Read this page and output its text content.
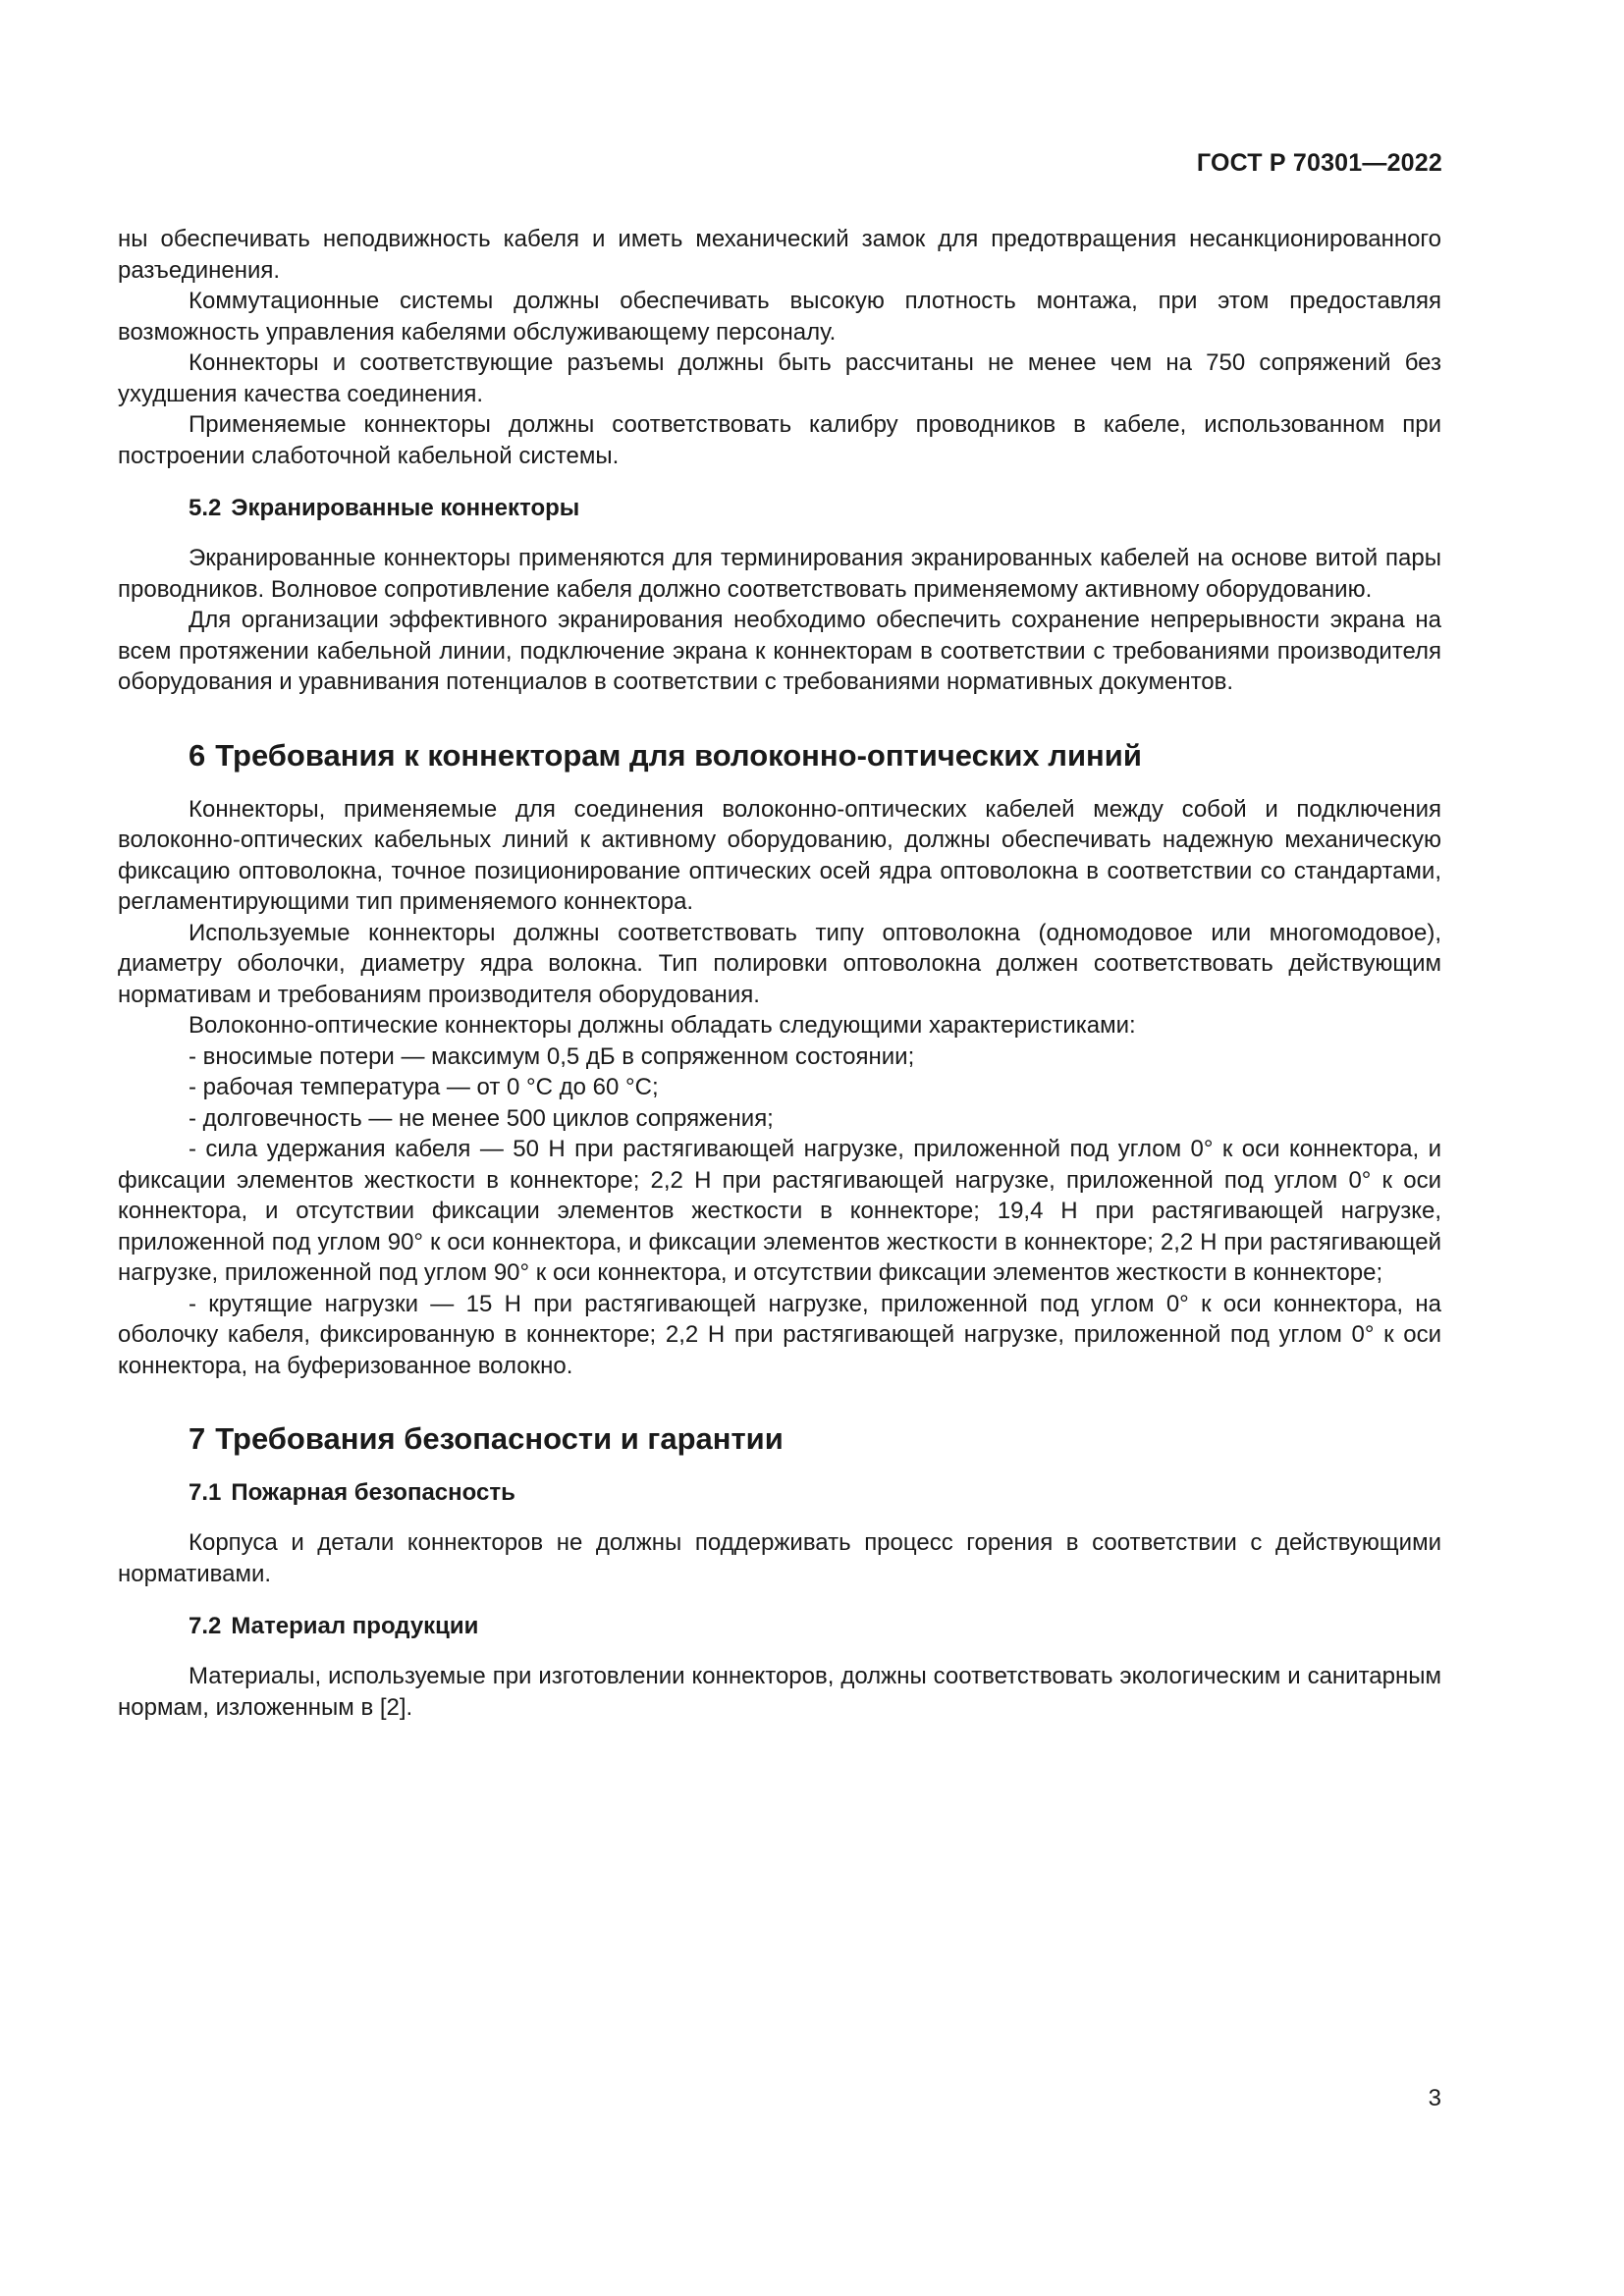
ГОСТ Р 70301—2022

ны обеспечивать неподвижность кабеля и иметь механический замок для предотвращения несанкционированного разъединения.

Коммутационные системы должны обеспечивать высокую плотность монтажа, при этом предоставляя возможность управления кабелями обслуживающему персоналу.

Коннекторы и соответствующие разъемы должны быть рассчитаны не менее чем на 750 сопряжений без ухудшения качества соединения.

Применяемые коннекторы должны соответствовать калибру проводников в кабеле, использованном при построении слаботочной кабельной системы.

5.2 Экранированные коннекторы

Экранированные коннекторы применяются для терминирования экранированных кабелей на основе витой пары проводников. Волновое сопротивление кабеля должно соответствовать применяемому активному оборудованию.

Для организации эффективного экранирования необходимо обеспечить сохранение непрерывности экрана на всем протяжении кабельной линии, подключение экрана к коннекторам в соответствии с требованиями производителя оборудования и уравнивания потенциалов в соответствии с требованиями нормативных документов.

6 Требования к коннекторам для волоконно-оптических линий

Коннекторы, применяемые для соединения волоконно-оптических кабелей между собой и подключения волоконно-оптических кабельных линий к активному оборудованию, должны обеспечивать надежную механическую фиксацию оптоволокна, точное позиционирование оптических осей ядра оптоволокна в соответствии со стандартами, регламентирующими тип применяемого коннектора.

Используемые коннекторы должны соответствовать типу оптоволокна (одномодовое или многомодовое), диаметру оболочки, диаметру ядра волокна. Тип полировки оптоволокна должен соответствовать действующим нормативам и требованиям производителя оборудования.

Волоконно-оптические коннекторы должны обладать следующими характеристиками:

- вносимые потери — максимум 0,5 дБ в сопряженном состоянии;

- рабочая температура — от 0 °С до 60 °С;

- долговечность — не менее 500 циклов сопряжения;

- сила удержания кабеля — 50 Н при растягивающей нагрузке, приложенной под углом 0° к оси коннектора, и фиксации элементов жесткости в коннекторе; 2,2 Н при растягивающей нагрузке, приложенной под углом 0° к оси коннектора, и отсутствии фиксации элементов жесткости в коннекторе; 19,4 Н при растягивающей нагрузке, приложенной под углом 90° к оси коннектора, и фиксации элементов жесткости в коннекторе; 2,2 Н при растягивающей нагрузке, приложенной под углом 90° к оси коннектора, и отсутствии фиксации элементов жесткости в коннекторе;

- крутящие нагрузки — 15 Н при растягивающей нагрузке, приложенной под углом 0° к оси коннектора, на оболочку кабеля, фиксированную в коннекторе; 2,2 Н при растягивающей нагрузке, приложенной под углом 0° к оси коннектора, на буферизованное волокно.

7 Требования безопасности и гарантии
7.1 Пожарная безопасность

Корпуса и детали коннекторов не должны поддерживать процесс горения в соответствии с действующими нормативами.

7.2 Материал продукции

Материалы, используемые при изготовлении коннекторов, должны соответствовать экологическим и санитарным нормам, изложенным в [2].

3
